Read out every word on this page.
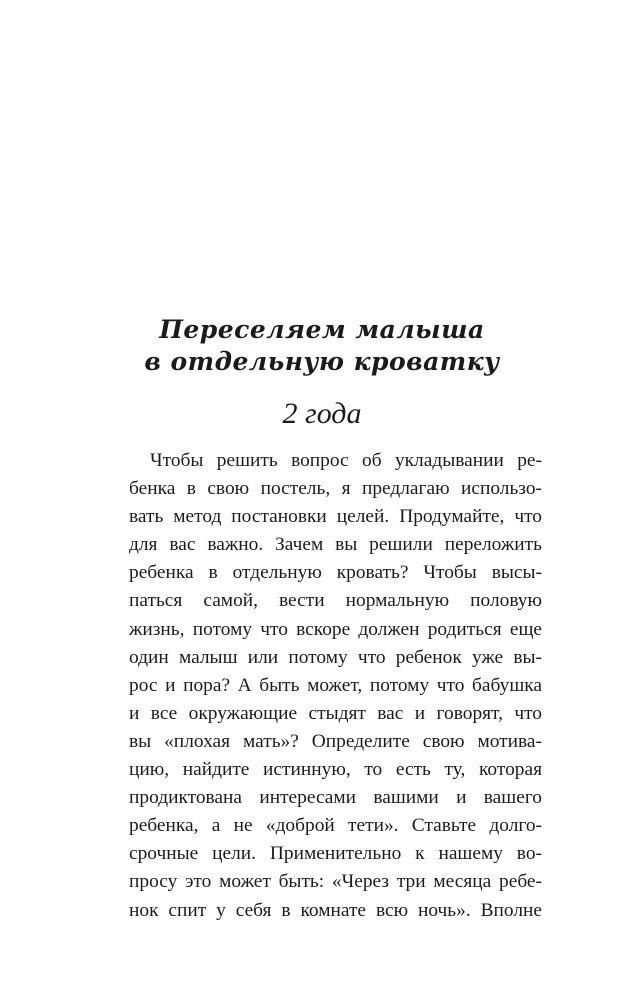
Переселяем малыша
в отдельную кроватку
2 года
Чтобы решить вопрос об укладывании ре-
бенка в свою постель, я предлагаю использо-
вать метод постановки целей. Продумайте, что
для вас важно. Зачем вы решили переложить
ребенка в отдельную кровать? Чтобы высы-
паться самой, вести нормальную половую
жизнь, потому что вскоре должен родиться еще
один малыш или потому что ребенок уже вы-
рос и пора? А быть может, потому что бабушка
и все окружающие стыдят вас и говорят, что
вы «плохая мать»? Определите свою мотива-
цию, найдите истинную, то есть ту, которая
продиктована интересами вашими и вашего
ребенка, а не «доброй тети». Ставьте долго-
срочные цели. Применительно к нашему во-
просу это может быть: «Через три месяца ребе-
нок спит у себя в комнате всю ночь». Вполне
